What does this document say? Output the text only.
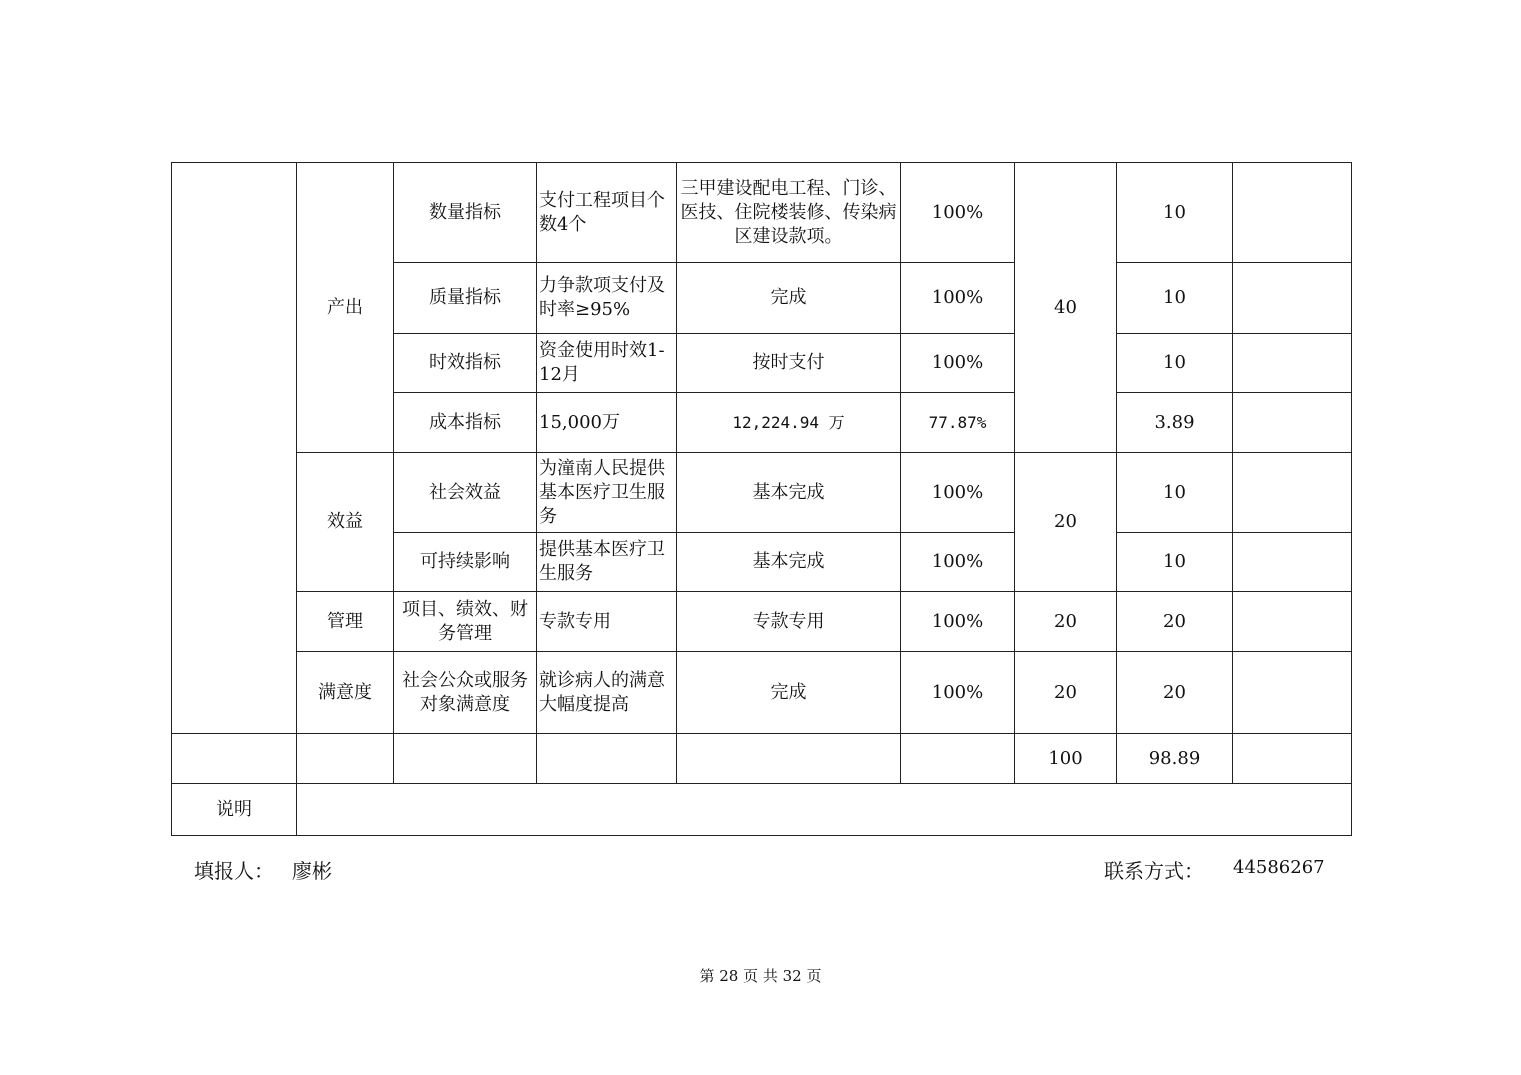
	产出	数量指标	支付工程项目个数4个	三甲建设配电工程、门诊、医技、住院楼装修、传染病区建设款项。	100%	40	10	
		质量指标	力争款项支付及时率≥95%	完成	100%		10	
		时效指标	资金使用时效1-12月	按时支付	100%		10	
		成本指标	15,000万	12,224.94 万	77.87%		3.89	
	效益	社会效益	为潼南人民提供基本医疗卫生服务	基本完成	100%	20	10	
		可持续影响	提供基本医疗卫生服务	基本完成	100%		10	
	管理	项目、绩效、财务管理	专款专用	专款专用	100%	20	20	
	满意度	社会公众或服务对象满意度	就诊病人的满意大幅度提高	完成	100%	20	20	
						100	98.89	
说明								
填报人： 廖彬	联系方式： 44586267
第 28 页 共 32 页
